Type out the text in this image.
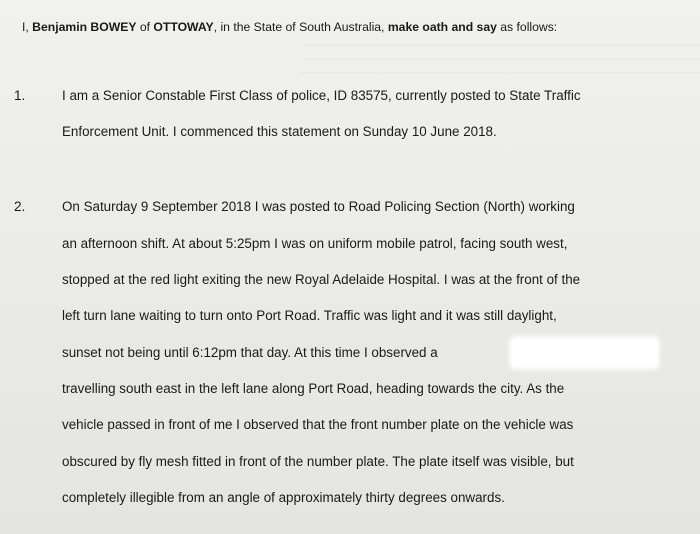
I, Benjamin BOWEY of OTTOWAY, in the State of South Australia, make oath and say as follows:
1.	I am a Senior Constable First Class of police, ID 83575, currently posted to State Traffic
Enforcement Unit. I commenced this statement on Sunday 10 June 2018.
2.	On Saturday 9 September 2018 I was posted to Road Policing Section (North) working
an afternoon shift. At about 5:25pm I was on uniform mobile patrol, facing south west,
stopped at the red light exiting the new Royal Adelaide Hospital. I was at the front of the
left turn lane waiting to turn onto Port Road. Traffic was light and it was still daylight,
sunset not being until 6:12pm that day. At this time I observed a
travelling south east in the left lane along Port Road, heading towards the city. As the
vehicle passed in front of me I observed that the front number plate on the vehicle was
obscured by fly mesh fitted in front of the number plate. The plate itself was visible, but
completely illegible from an angle of approximately thirty degrees onwards.
